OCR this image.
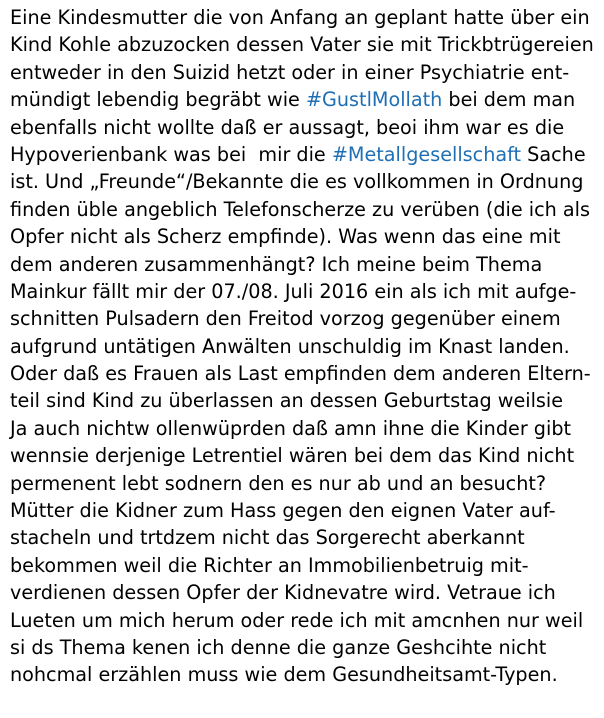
Eine Kindesmutter die von Anfang an geplant hatte über ein
Kind Kohle abzuzocken dessen Vater sie mit Trickbtrügereien
entweder in den Suizid hetzt oder in einer Psychiatrie ent-
mündigt lebendig begräbt wie #GustlMollath bei dem man
ebenfalls nicht wollte daß er aussagt, beoi ihm war es die
Hypoverienbank was bei  mir die #Metallgesellschaft Sache
ist. Und „Freunde“/Bekannte die es vollkommen in Ordnung
finden üble angeblich Telefonscherze zu verüben (die ich als
Opfer nicht als Scherz empfinde). Was wenn das eine mit
dem anderen zusammenhängt? Ich meine beim Thema
Mainkur fällt mir der 07./08. Juli 2016 ein als ich mit aufge-
schnitten Pulsadern den Freitod vorzog gegenüber einem
aufgrund untätigen Anwälten unschuldig im Knast landen.
Oder daß es Frauen als Last empfinden dem anderen Eltern-
teil sind Kind zu überlassen an dessen Geburtstag weilsie
Ja auch nichtw ollenwüprden daß amn ihne die Kinder gibt
wennsie derjenige Letrentiel wären bei dem das Kind nicht
permenent lebt sodnern den es nur ab und an besucht?
Mütter die Kidner zum Hass gegen den eignen Vater auf-
stacheln und trtdzem nicht das Sorgerecht aberkannt
bekommen weil die Richter an Immobilienbetruig mit-
verdienen dessen Opfer der Kidnevatre wird. Vetraue ich
Lueten um mich herum oder rede ich mit amcnhen nur weil
si ds Thema kenen ich denne die ganze Geshcihte nicht
nohcmal erzählen muss wie dem Gesundheitsamt-Typen.
